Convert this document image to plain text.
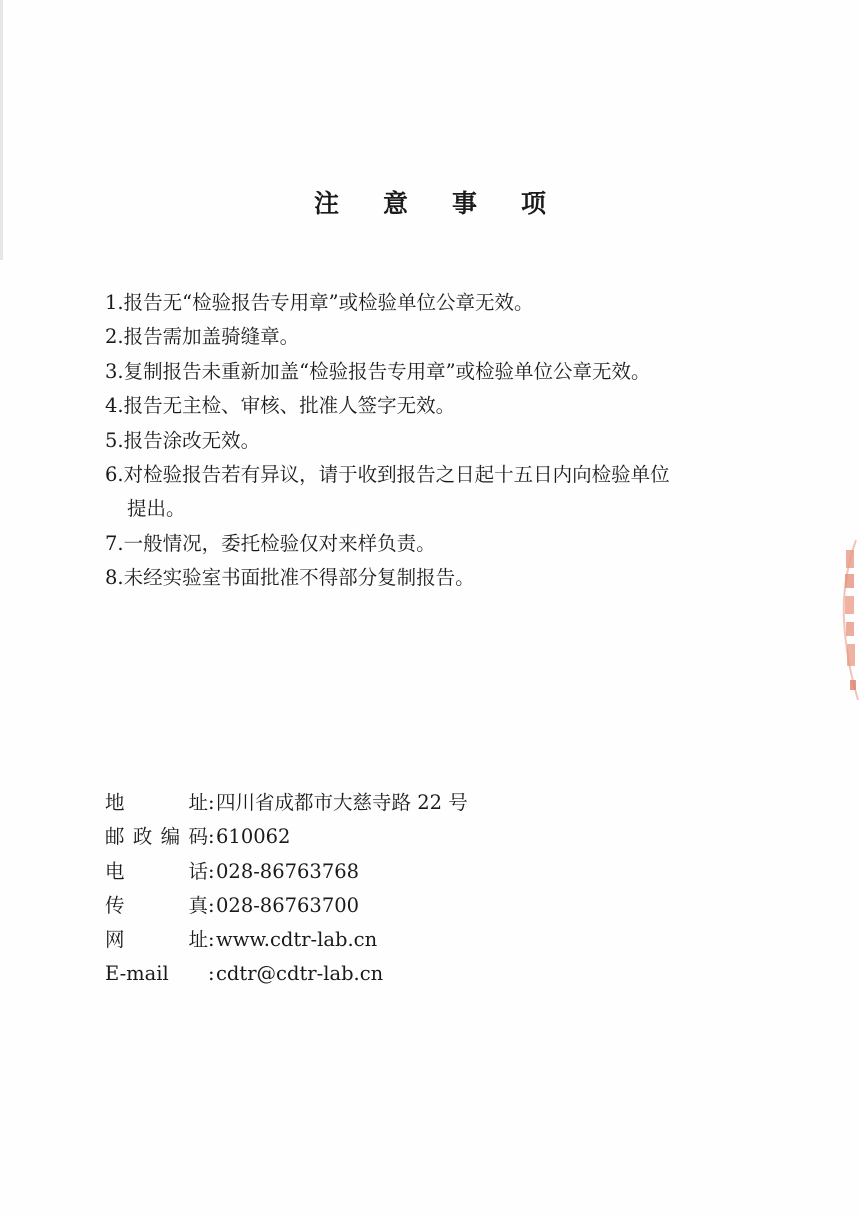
注 意 事 项
1.报告无“检验报告专用章”或检验单位公章无效。
2.报告需加盖骑缝章。
3.复制报告未重新加盖“检验报告专用章”或检验单位公章无效。
4.报告无主检、审核、批准人签字无效。
5.报告涂改无效。
6.对检验报告若有异议，请于收到报告之日起十五日内向检验单位
提出。
7.一般情况，委托检验仅对来样负责。
8.未经实验室书面批准不得部分复制报告。
地址 : 四川省成都市大慈寺路 22 号
邮政编码 : 610062
电话 : 028-86763768
传真 : 028-86763700
网址 : www.cdtr-lab.cn
E-mail	: cdtr@cdtr-lab.cn
